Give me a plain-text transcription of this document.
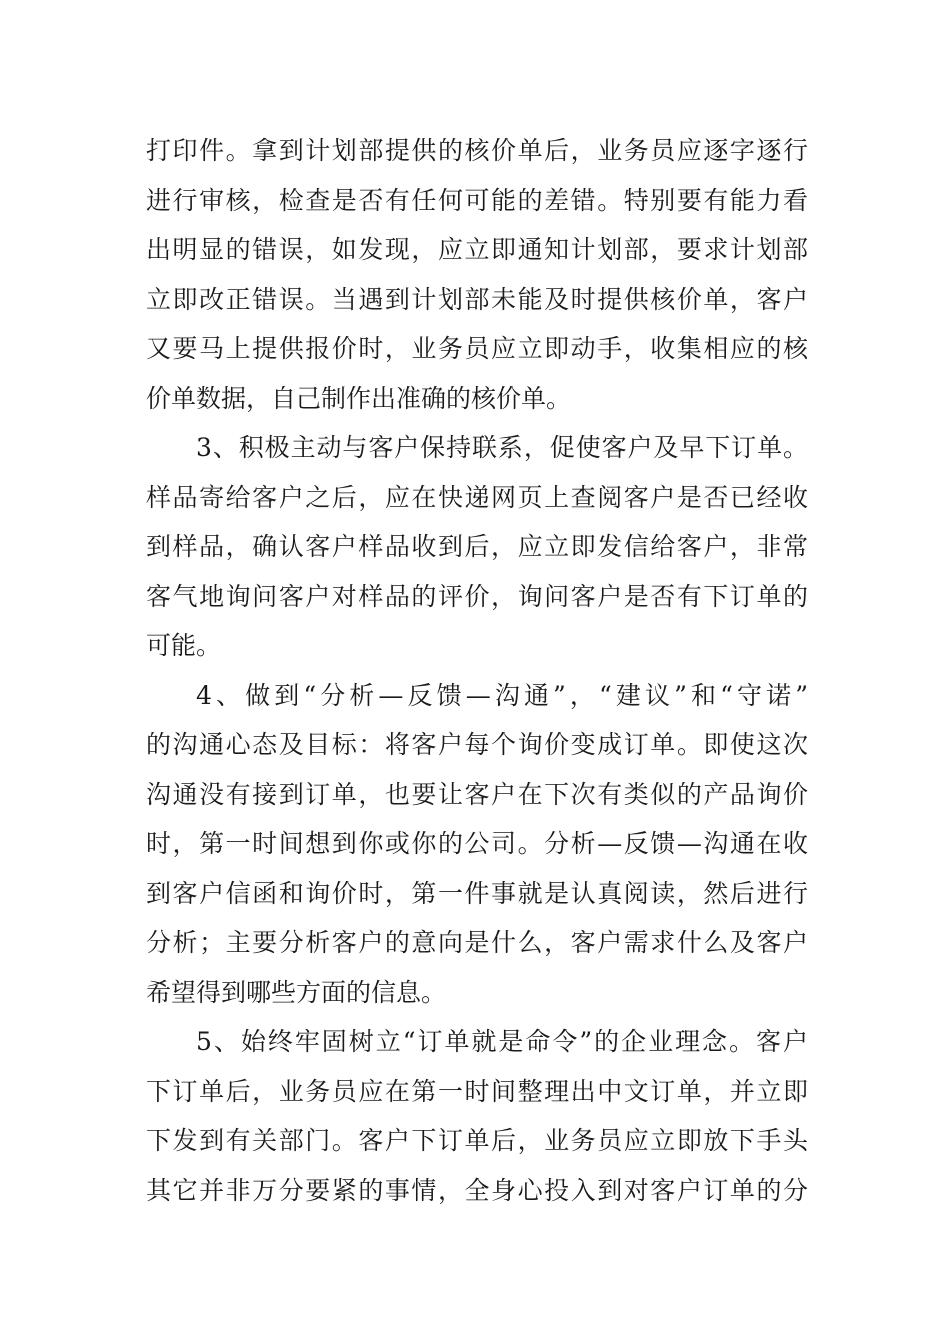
打印件。拿到计划部提供的核价单后，业务员应逐字逐行
进行审核，检查是否有任何可能的差错。特别要有能力看
出明显的错误，如发现，应立即通知计划部，要求计划部
立即改正错误。当遇到计划部未能及时提供核价单，客户
又要马上提供报价时，业务员应立即动手，收集相应的核
价单数据，自己制作出准确的核价单。
3、积极主动与客户保持联系，促使客户及早下订单。
样品寄给客户之后，应在快递网页上查阅客户是否已经收
到样品，确认客户样品收到后，应立即发信给客户，非常
客气地询问客户对样品的评价，询问客户是否有下订单的
可能。
4、做到“分析—反馈—沟通”，“建议”和“守诺”
的沟通心态及目标：将客户每个询价变成订单。即使这次
沟通没有接到订单，也要让客户在下次有类似的产品询价
时，第一时间想到你或你的公司。分析—反馈—沟通在收
到客户信函和询价时，第一件事就是认真阅读，然后进行
分析；主要分析客户的意向是什么，客户需求什么及客户
希望得到哪些方面的信息。
5、始终牢固树立“订单就是命令”的企业理念。客户
下订单后，业务员应在第一时间整理出中文订单，并立即
下发到有关部门。客户下订单后，业务员应立即放下手头
其它并非万分要紧的事情，全身心投入到对客户订单的分
